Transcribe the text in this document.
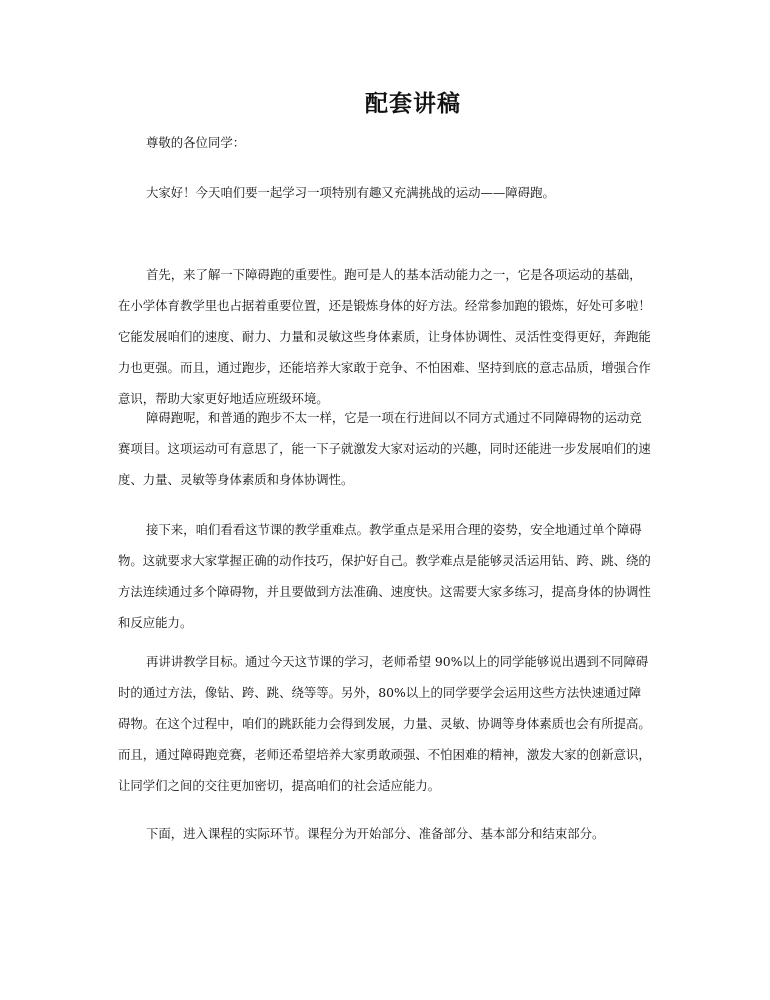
配套讲稿

尊敬的各位同学：

大家好！今天咱们要一起学习一项特别有趣又充满挑战的运动——障碍跑。

首先，来了解一下障碍跑的重要性。跑可是人的基本活动能力之一，它是各项运动的基础，在小学体育教学里也占据着重要位置，还是锻炼身体的好方法。经常参加跑的锻炼，好处可多啦！它能发展咱们的速度、耐力、力量和灵敏这些身体素质，让身体协调性、灵活性变得更好，奔跑能力也更强。而且，通过跑步，还能培养大家敢于竞争、不怕困难、坚持到底的意志品质，增强合作意识，帮助大家更好地适应班级环境。

障碍跑呢，和普通的跑步不太一样，它是一项在行进间以不同方式通过不同障碍物的运动竞赛项目。这项运动可有意思了，能一下子就激发大家对运动的兴趣，同时还能进一步发展咱们的速度、力量、灵敏等身体素质和身体协调性。

接下来，咱们看看这节课的教学重难点。教学重点是采用合理的姿势，安全地通过单个障碍物。这就要求大家掌握正确的动作技巧，保护好自己。教学难点是能够灵活运用钻、跨、跳、绕的方法连续通过多个障碍物，并且要做到方法准确、速度快。这需要大家多练习，提高身体的协调性和反应能力。

再讲讲教学目标。通过今天这节课的学习，老师希望 90%以上的同学能够说出遇到不同障碍时的通过方法，像钻、跨、跳、绕等等。另外，80%以上的同学要学会运用这些方法快速通过障碍物。在这个过程中，咱们的跳跃能力会得到发展，力量、灵敏、协调等身体素质也会有所提高。而且，通过障碍跑竞赛，老师还希望培养大家勇敢顽强、不怕困难的精神，激发大家的创新意识，让同学们之间的交往更加密切，提高咱们的社会适应能力。

下面，进入课程的实际环节。课程分为开始部分、准备部分、基本部分和结束部分。
